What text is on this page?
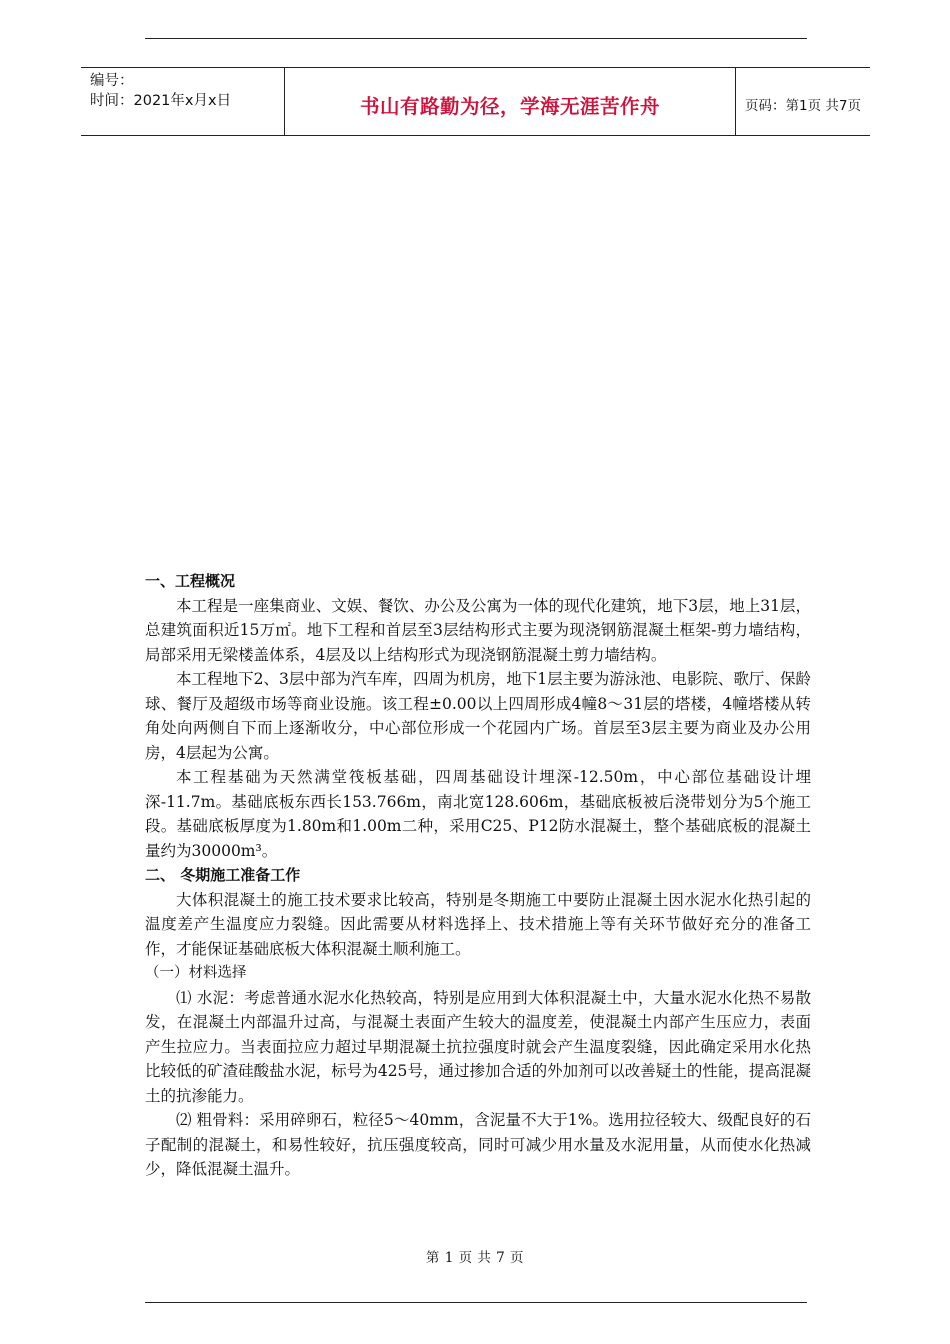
编号：
时间：2021年x月x日	书山有路勤为径，学海无涯苦作舟	页码：第1页 共7页

一、工程概况

本工程是一座集商业、文娱、餐饮、办公及公寓为一体的现代化建筑，地下3层，地上31层，总建筑面积近15万㎡。地下工程和首层至3层结构形式主要为现浇钢筋混凝土框架-剪力墙结构，局部采用无梁楼盖体系，4层及以上结构形式为现浇钢筋混凝土剪力墙结构。

本工程地下2、3层中部为汽车库，四周为机房，地下1层主要为游泳池、电影院、歌厅、保龄球、餐厅及超级市场等商业设施。该工程±0.00以上四周形成4幢8～31层的塔楼，4幢塔楼从转角处向两侧自下而上逐渐收分，中心部位形成一个花园内广场。首层至3层主要为商业及办公用房，4层起为公寓。

本工程基础为天然满堂筏板基础，四周基础设计埋深-12.50m，中心部位基础设计埋深-11.7m。基础底板东西长153.766m，南北宽128.606m，基础底板被后浇带划分为5个施工段。基础底板厚度为1.80m和1.00m二种，采用C25、P12防水混凝土，整个基础底板的混凝土量约为30000m³。

二、 冬期施工准备工作

大体积混凝土的施工技术要求比较高，特别是冬期施工中要防止混凝土因水泥水化热引起的温度差产生温度应力裂缝。因此需要从材料选择上、技术措施上等有关环节做好充分的准备工作，才能保证基础底板大体积混凝土顺利施工。

（一）材料选择

⑴ 水泥：考虑普通水泥水化热较高，特别是应用到大体积混凝土中，大量水泥水化热不易散发，在混凝土内部温升过高，与混凝土表面产生较大的温度差，使混凝土内部产生压应力，表面产生拉应力。当表面拉应力超过早期混凝土抗拉强度时就会产生温度裂缝，因此确定采用水化热比较低的矿渣硅酸盐水泥，标号为425号，通过掺加合适的外加剂可以改善疑土的性能，提高混凝土的抗渗能力。

⑵ 粗骨料：采用碎卵石，粒径5～40mm，含泥量不大于1%。选用拉径较大、级配良好的石子配制的混凝土，和易性较好，抗压强度较高，同时可减少用水量及水泥用量，从而使水化热减少，降低混凝土温升。

第 1 页 共 7 页
